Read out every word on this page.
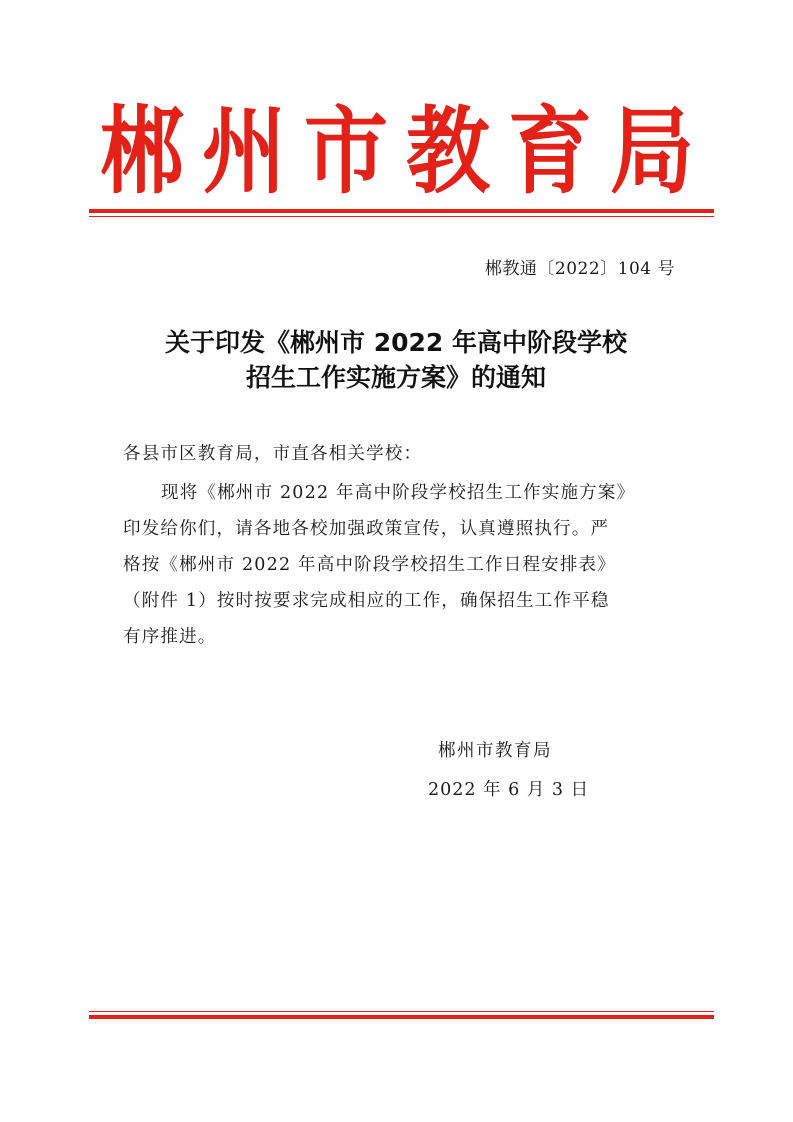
郴州市教育局
郴教通〔2022〕104 号
关于印发《郴州市 2022 年高中阶段学校
招生工作实施方案》的通知
各县市区教育局，市直各相关学校：
现将《郴州市 2022 年高中阶段学校招生工作实施方案》
印发给你们，请各地各校加强政策宣传，认真遵照执行。严
格按《郴州市 2022 年高中阶段学校招生工作日程安排表》
（附件 1）按时按要求完成相应的工作，确保招生工作平稳
有序推进。
郴州市教育局
2022 年 6 月 3 日
